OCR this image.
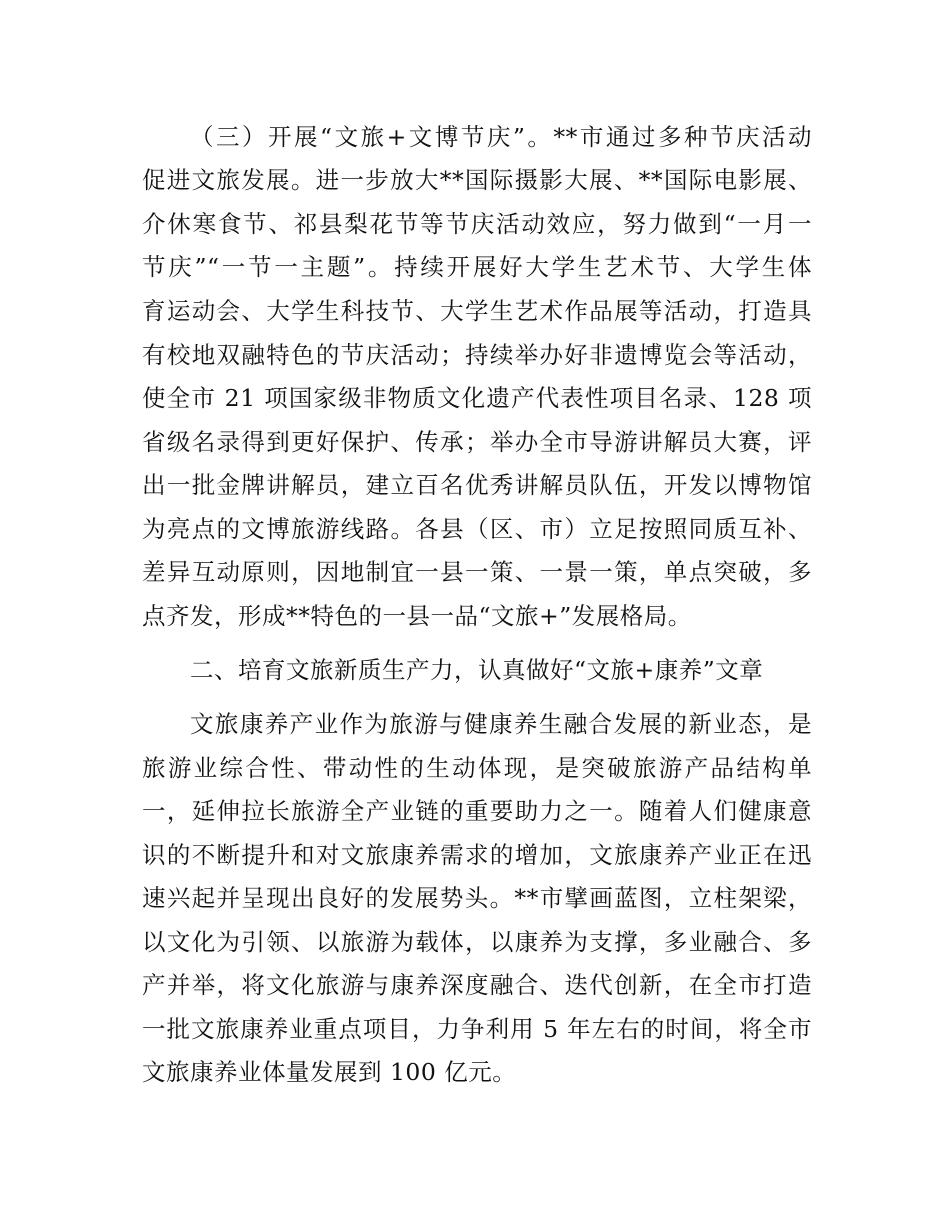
（三）开展“文旅+文博节庆”。**市通过多种节庆活动

促进文旅发展。进一步放大**国际摄影大展、**国际电影展、

介休寒食节、祁县梨花节等节庆活动效应，努力做到“一月一

节庆”“一节一主题”。持续开展好大学生艺术节、大学生体

育运动会、大学生科技节、大学生艺术作品展等活动，打造具

有校地双融特色的节庆活动；持续举办好非遗博览会等活动，

使全市 21 项国家级非物质文化遗产代表性项目名录、128 项

省级名录得到更好保护、传承；举办全市导游讲解员大赛，评

出一批金牌讲解员，建立百名优秀讲解员队伍，开发以博物馆

为亮点的文博旅游线路。各县（区、市）立足按照同质互补、

差异互动原则，因地制宜一县一策、一景一策，单点突破，多

点齐发，形成**特色的一县一品“文旅+”发展格局。

二、培育文旅新质生产力，认真做好“文旅+康养”文章

文旅康养产业作为旅游与健康养生融合发展的新业态，是

旅游业综合性、带动性的生动体现，是突破旅游产品结构单

一，延伸拉长旅游全产业链的重要助力之一。随着人们健康意

识的不断提升和对文旅康养需求的增加，文旅康养产业正在迅

速兴起并呈现出良好的发展势头。**市擘画蓝图，立柱架梁，

以文化为引领、以旅游为载体，以康养为支撑，多业融合、多

产并举，将文化旅游与康养深度融合、迭代创新，在全市打造

一批文旅康养业重点项目，力争利用 5 年左右的时间，将全市

文旅康养业体量发展到 100 亿元。
